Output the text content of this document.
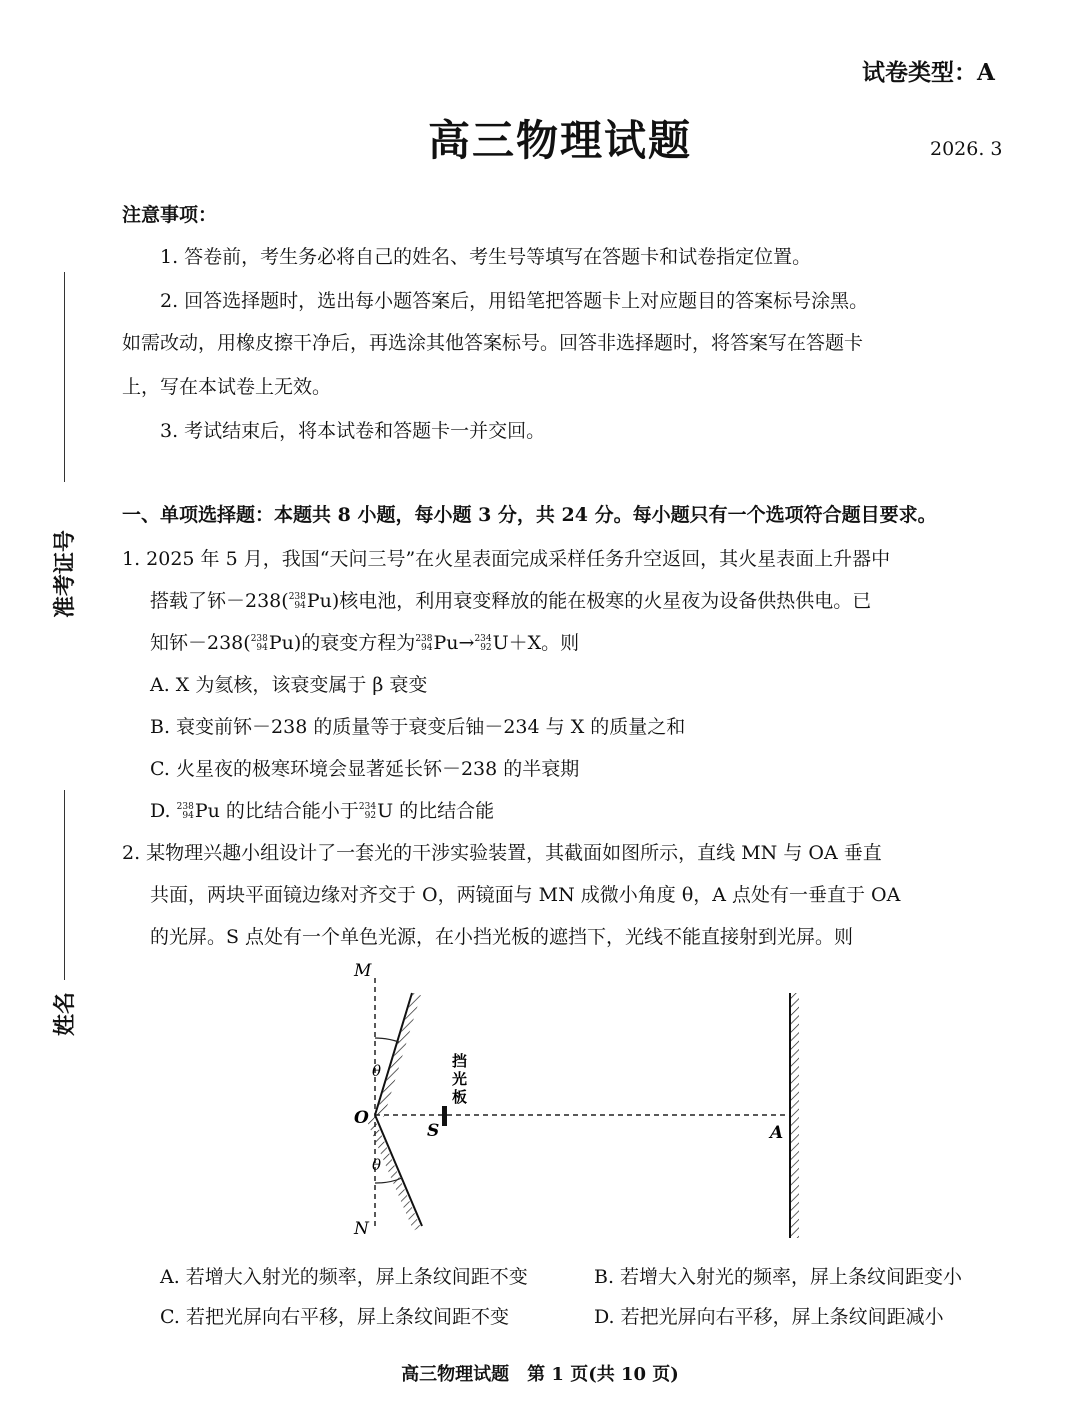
试卷类型：A
高三物理试题	2026. 3
准考证号
姓名
注意事项：
1. 答卷前，考生务必将自己的姓名、考生号等填写在答题卡和试卷指定位置。
2. 回答选择题时，选出每小题答案后，用铅笔把答题卡上对应题目的答案标号涂黑。
如需改动，用橡皮擦干净后，再选涂其他答案标号。回答非选择题时，将答案写在答题卡
上，写在本试卷上无效。
3. 考试结束后，将本试卷和答题卡一并交回。
一、单项选择题：本题共 8 小题，每小题 3 分，共 24 分。每小题只有一个选项符合题目要求。
1. 2025 年 5 月，我国“天问三号”在火星表面完成采样任务升空返回，其火星表面上升器中
搭载了钚－238( 238
94 Pu)核电池，利用衰变释放的能在极寒的火星夜为设备供热供电。已
知钚－238( 238
94 Pu)的衰变方程为 238
94 Pu→ 234
92 U＋X。则
A. X 为氦核，该衰变属于 β 衰变
B. 衰变前钚－238 的质量等于衰变后铀－234 与 X 的质量之和
C. 火星夜的极寒环境会显著延长钚－238 的半衰期
D. 238
94 Pu 的比结合能小于 234
92 U 的比结合能
2. 某物理兴趣小组设计了一套光的干涉实验装置，其截面如图所示，直线 MN 与 OA 垂直
共面，两块平面镜边缘对齐交于 O，两镜面与 MN 成微小角度 θ，A 点处有一垂直于 OA
的光屏。S 点处有一个单色光源，在小挡光板的遮挡下，光线不能直接射到光屏。则
M
N
O
S	A
θ
θ
挡
光
板
A. 若增大入射光的频率，屏上条纹间距不变	B. 若增大入射光的频率，屏上条纹间距变小
C. 若把光屏向右平移，屏上条纹间距不变	D. 若把光屏向右平移，屏上条纹间距减小
高三物理试题　第 1 页(共 10 页)
